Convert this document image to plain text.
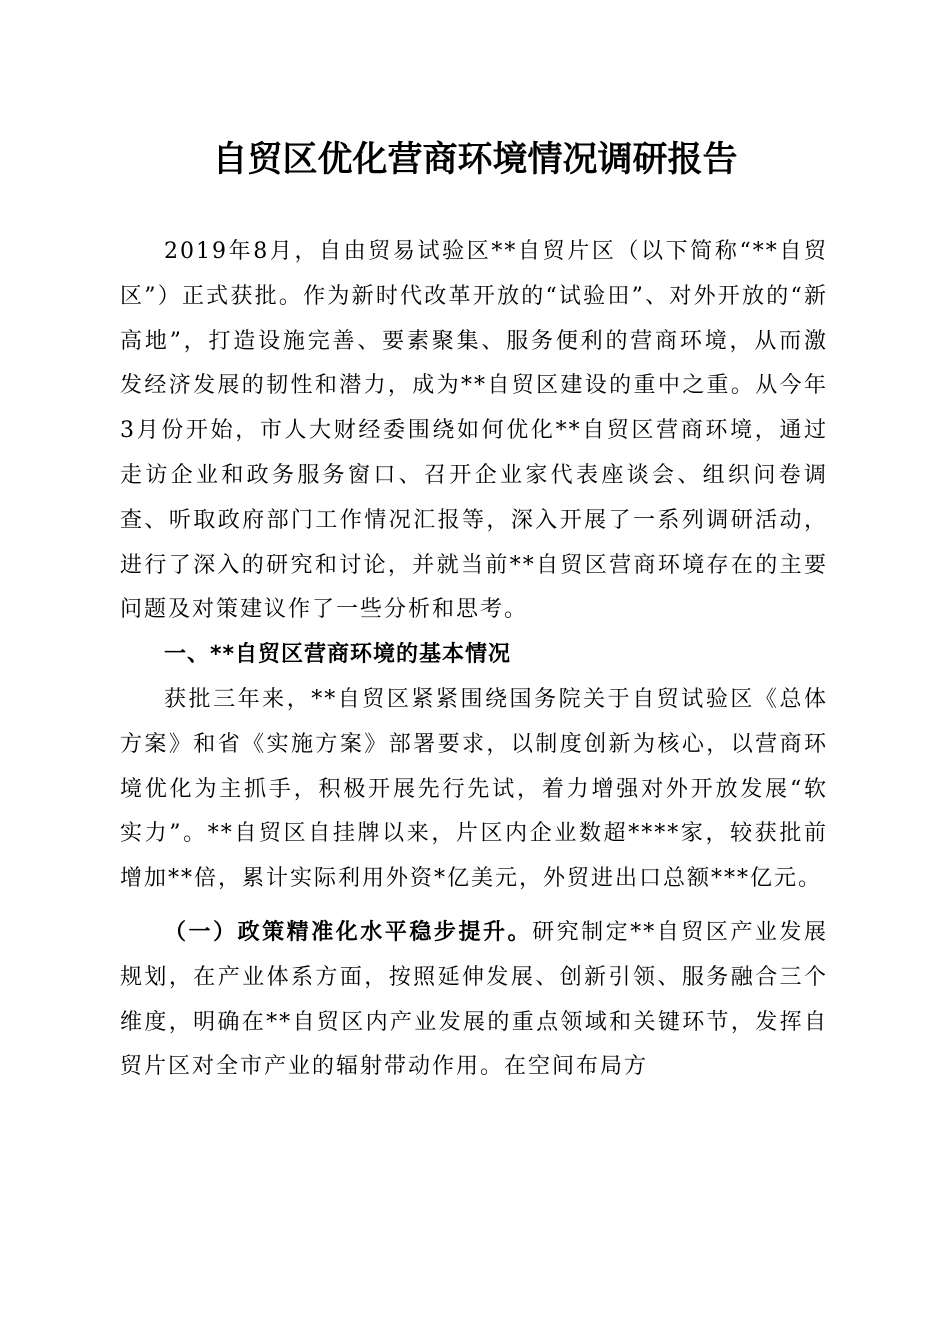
自贸区优化营商环境情况调研报告

2019年8月，自由贸易试验区**自贸片区（以下简称“**自贸区”）正式获批。作为新时代改革开放的“试验田”、对外开放的“新高地”，打造设施完善、要素聚集、服务便利的营商环境，从而激发经济发展的韧性和潜力，成为**自贸区建设的重中之重。从今年3月份开始，市人大财经委围绕如何优化**自贸区营商环境，通过走访企业和政务服务窗口、召开企业家代表座谈会、组织问卷调查、听取政府部门工作情况汇报等，深入开展了一系列调研活动，进行了深入的研究和讨论，并就当前**自贸区营商环境存在的主要问题及对策建议作了一些分析和思考。

一、**自贸区营商环境的基本情况

获批三年来，**自贸区紧紧围绕国务院关于自贸试验区《总体方案》和省《实施方案》部署要求，以制度创新为核心，以营商环境优化为主抓手，积极开展先行先试，着力增强对外开放发展“软实力”。**自贸区自挂牌以来，片区内企业数超****家，较获批前增加**倍，累计实际利用外资*亿美元，外贸进出口总额***亿元。

（一）政策精准化水平稳步提升。研究制定**自贸区产业发展规划，在产业体系方面，按照延伸发展、创新引领、服务融合三个维度，明确在**自贸区内产业发展的重点领域和关键环节，发挥自贸片区对全市产业的辐射带动作用。在空间布局方
